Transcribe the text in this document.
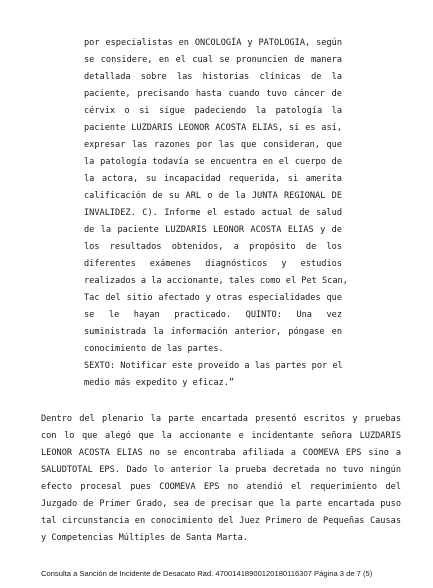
por especialistas en ONCOLOGÍA y PATOLOGIA, según
se considere, en el cual se pronuncien de manera
detallada sobre las historias clínicas de la
paciente, precisando hasta cuando tuvo cáncer de
cérvix o si sigue padeciendo la patología la
paciente LUZDARIS LEONOR ACOSTA ELIAS, si es así,
expresar las razones por las que consideran, que
la patología todavía se encuentra en el cuerpo de
la actora, su incapacidad requerida, si amerita
calificación de su ARL o de la JUNTA REGIONAL DE
INVALIDEZ. C). Informe el estado actual de salud
de la paciente LUZDARIS LEONOR ACOSTA ELIAS y de
los resultados obtenidos, a propósito de los
diferentes exámenes diagnósticos y estudios
realizados a la accionante, tales como el Pet Scan,
Tac del sitio afectado y otras especialidades que
se le hayan practicado. QUINTO: Una vez
suministrada la información anterior, póngase en
conocimiento de las partes.
SEXTO: Notificar este proveído a las partes por el
medio más expedito y eficaz.”
Dentro del plenario la parte encartada presentó escritos y pruebas
con lo que alegó que la accionante e incidentante señora LUZDARIS
LEONOR ACOSTA ELIAS no se encontraba afiliada a COOMEVA EPS sino a
SALUDTOTAL EPS. Dado lo anterior la prueba decretada no tuvo ningún
efecto procesal pues COOMEVA EPS no atendió el requerimiento del
Juzgado de Primer Grado, sea de precisar que la parte encartada puso
tal circunstancia en conocimiento del Juez Primero de Pequeñas Causas
y Competencias Múltiples de Santa Marta.
Consulta a Sanción de Incidente de Desacato Rad. 47001418900120180116307 Página 3 de 7 (5)
